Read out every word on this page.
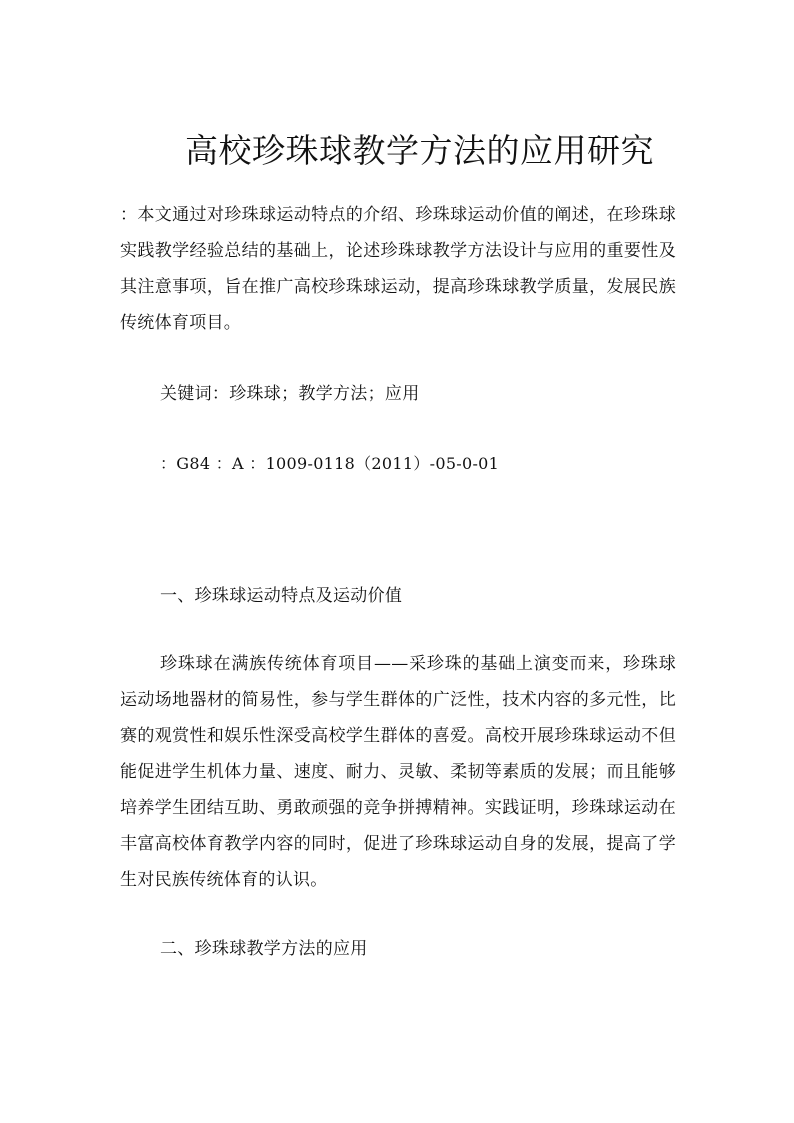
高校珍珠球教学方法的应用研究
：本文通过对珍珠球运动特点的介绍、珍珠球运动价值的阐述，在珍珠球实践教学经验总结的基础上，论述珍珠球教学方法设计与应用的重要性及其注意事项，旨在推广高校珍珠球运动，提高珍珠球教学质量，发展民族传统体育项目。
关键词：珍珠球；教学方法；应用
：G84 ：A ：1009-0118（2011）-05-0-01
一、珍珠球运动特点及运动价值
珍珠球在满族传统体育项目——采珍珠的基础上演变而来，珍珠球运动场地器材的简易性，参与学生群体的广泛性，技术内容的多元性，比赛的观赏性和娱乐性深受高校学生群体的喜爱。高校开展珍珠球运动不但能促进学生机体力量、速度、耐力、灵敏、柔韧等素质的发展；而且能够培养学生团结互助、勇敢顽强的竞争拼搏精神。实践证明，珍珠球运动在丰富高校体育教学内容的同时，促进了珍珠球运动自身的发展，提高了学生对民族传统体育的认识。
二、珍珠球教学方法的应用
